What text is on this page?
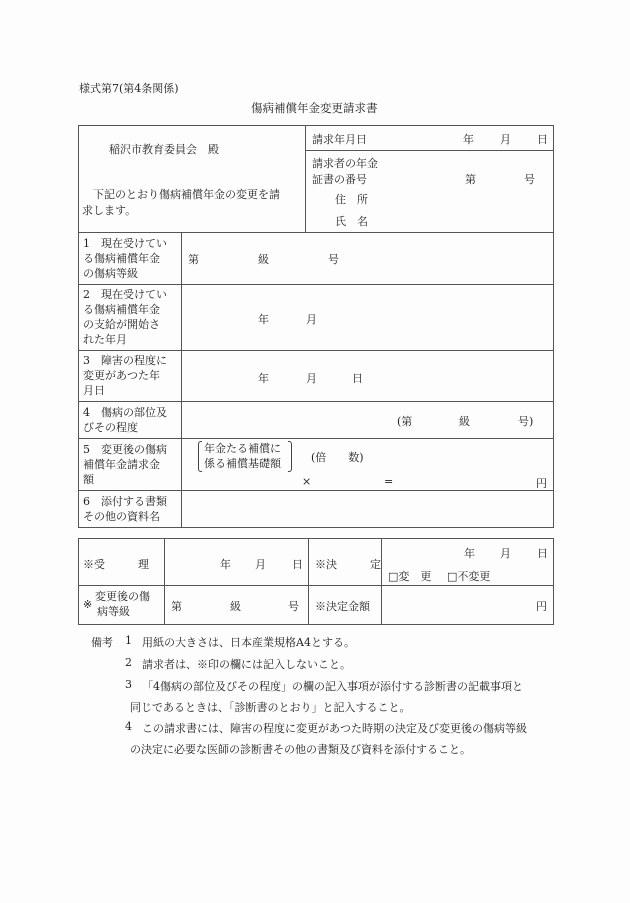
様式第7(第4条関係)
傷病補償年金変更請求書
稲沢市教育委員会　殿
下記のとおり傷病補償年金の変更を請
求します。
請求年月日	年 月 日
請求者の年金
証書の番号	第	号
住　所
氏　名
1　現在受けてい
る傷病補償年金
の傷病等級
第	級	号
2　現在受けてい
る傷病補償年金
の支給が開始さ
れた年月
年	月
3　障害の程度に
変更があつた年
月日
年	月	日
4　傷病の部位及
びその程度	(第	級	号)
5　変更後の傷病
補償年金請求金
額
年金たる補償に
係る補償基礎額	(倍　　数)
×	=	円
6　添付する書類
その他の資料名
※受　　　理	年 月 日 ※決　　　定
年 月 日
□変　更 □不変更
※
変更後の傷
病等級	第	級	号 ※決定金額	円
備考 1 用紙の大きさは、日本産業規格A4とする。
2 請求者は、※印の欄には記入しないこと。
3 「4傷病の部位及びその程度」の欄の記入事項が添付する診断書の記載事項と
同じであるときは、「診断書のとおり」と記入すること。
4 この請求書には、障害の程度に変更があつた時期の決定及び変更後の傷病等級
の決定に必要な医師の診断書その他の書類及び資料を添付すること。
